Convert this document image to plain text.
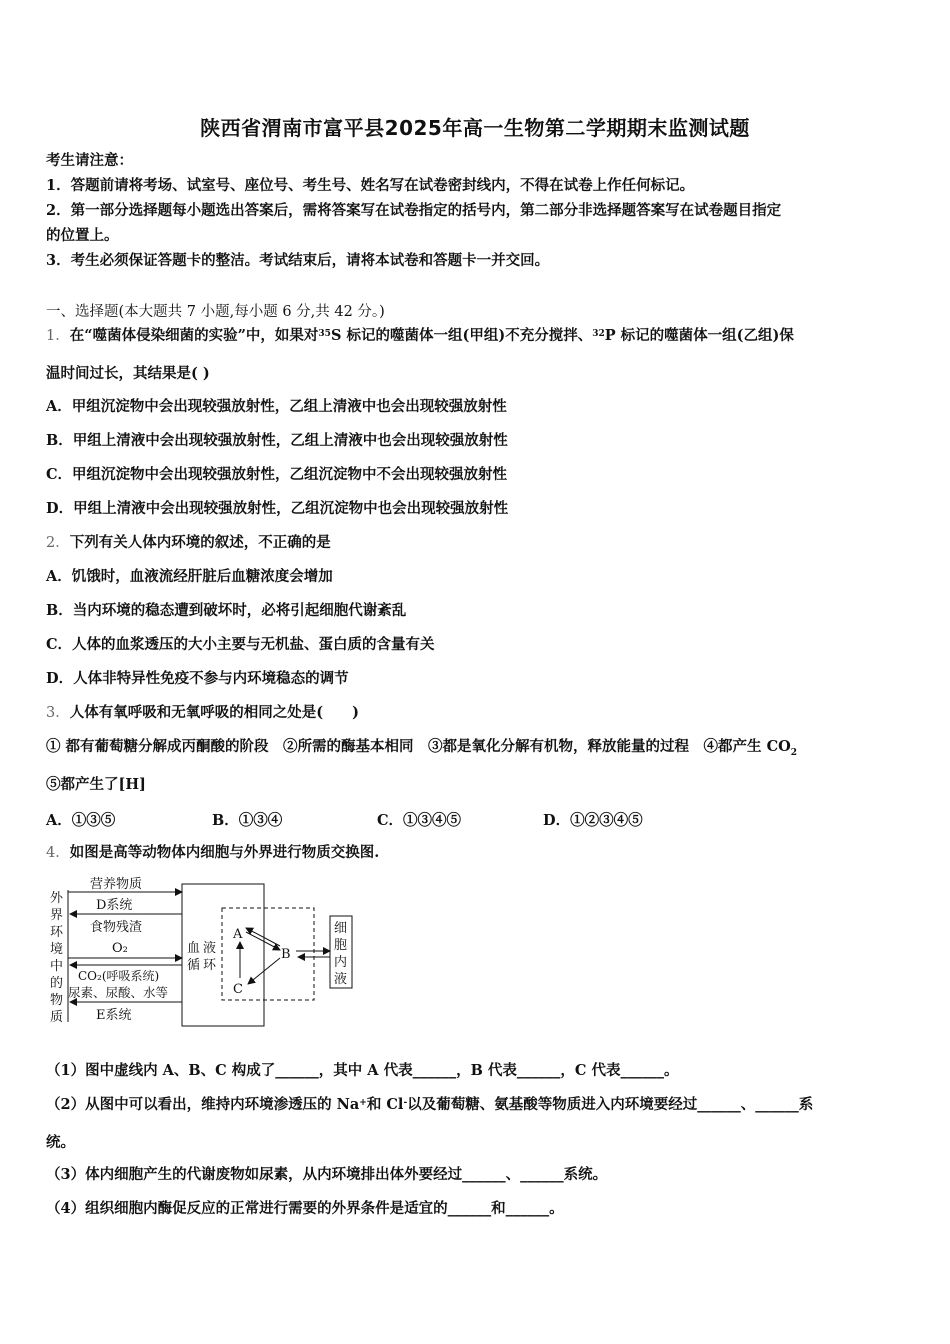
陕西省渭南市富平县2025年高一生物第二学期期末监测试题
考生请注意：
1．答题前请将考场、试室号、座位号、考生号、姓名写在试卷密封线内，不得在试卷上作任何标记。
2．第一部分选择题每小题选出答案后，需将答案写在试卷指定的括号内，第二部分非选择题答案写在试卷题目指定
的位置上。
3．考生必须保证答题卡的整洁。考试结束后，请将本试卷和答题卡一并交回。
一、选择题(本大题共 7 小题,每小题 6 分,共 42 分。)
1．在“噬菌体侵染细菌的实验”中，如果对$^{35}$S 标记的噬菌体一组(甲组)不充分搅拌、$^{32}$P 标记的噬菌体一组(乙组)保
温时间过长，其结果是( )
A．甲组沉淀物中会出现较强放射性，乙组上清液中也会出现较强放射性
B．甲组上清液中会出现较强放射性，乙组上清液中也会出现较强放射性
C．甲组沉淀物中会出现较强放射性，乙组沉淀物中不会出现较强放射性
D．甲组上清液中会出现较强放射性，乙组沉淀物中也会出现较强放射性
2．下列有关人体内环境的叙述，不正确的是
A．饥饿时，血液流经肝脏后血糖浓度会增加
B．当内环境的稳态遭到破坏时，必将引起细胞代谢紊乱
C．人体的血浆透压的大小主要与无机盐、蛋白质的含量有关
D．人体非特异性免疫不参与内环境稳态的调节
3．人体有氧呼吸和无氧呼吸的相同之处是(　　)
① 都有葡萄糖分解成丙酮酸的阶段　②所需的酶基本相同　③都是氧化分解有机物，释放能量的过程　④都产生 $CO_2$
⑤都产生了[H]
A．①③⑤	B．①③④	C．①③④⑤	D．①②③④⑤
4．如图是高等动物体内细胞与外界进行物质交换图.
外
界
环
境
中
的
物
质
营养物质
D系统
食物残渣
O₂
CO₂(呼吸系统)
尿素、尿酸、水等
E系统
血 液
循 环
A
B
C
细
胞
内
液
（1）图中虚线内 A、B、C 构成了______，其中 A 代表______，B 代表______，C 代表______。
（2）从图中可以看出，维持内环境渗透压的 Na+和 Cl-以及葡萄糖、氨基酸等物质进入内环境要经过______、______系
统。
（3）体内细胞产生的代谢废物如尿素，从内环境排出体外要经过______、______系统。
（4）组织细胞内酶促反应的正常进行需要的外界条件是适宜的______和______。
